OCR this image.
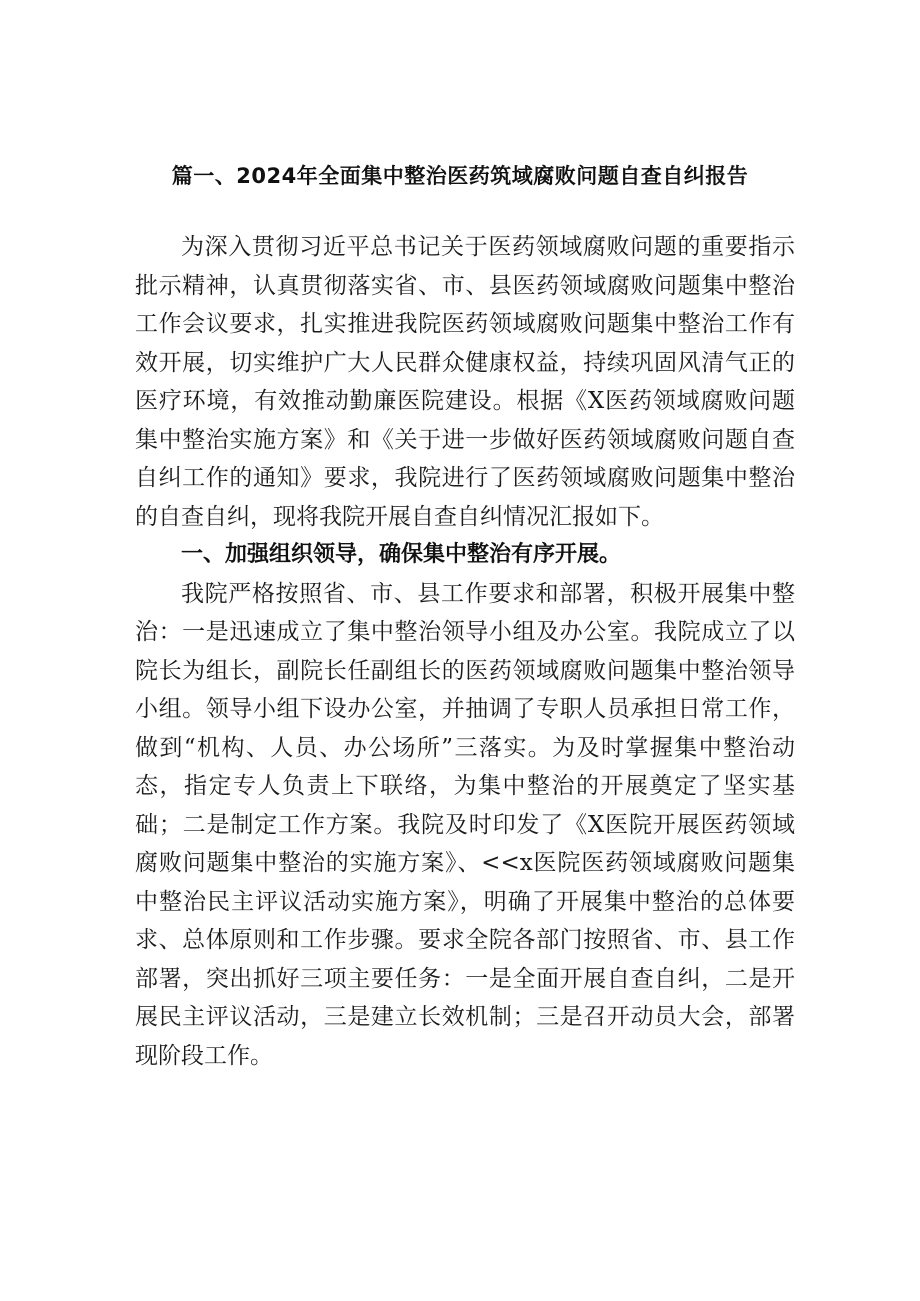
篇一、2024年全面集中整治医药筑域腐败问题自查自纠报告

为深入贯彻习近平总书记关于医药领域腐败问题的重要指示批示精神，认真贯彻落实省、市、县医药领域腐败问题集中整治工作会议要求，扎实推进我院医药领域腐败问题集中整治工作有效开展，切实维护广大人民群众健康权益，持续巩固风清气正的医疗环境，有效推动勤廉医院建设。根据《X医药领域腐败问题集中整治实施方案》和《关于进一步做好医药领域腐败问题自查自纠工作的通知》要求，我院进行了医药领域腐败问题集中整治的自查自纠，现将我院开展自查自纠情况汇报如下。

一、加强组织领导，确保集中整治有序开展。

我院严格按照省、市、县工作要求和部署，积极开展集中整治：一是迅速成立了集中整治领导小组及办公室。我院成立了以院长为组长，副院长任副组长的医药领域腐败问题集中整治领导小组。领导小组下设办公室，并抽调了专职人员承担日常工作，做到“机构、人员、办公场所”三落实。为及时掌握集中整治动态，指定专人负责上下联络，为集中整治的开展奠定了坚实基础；二是制定工作方案。我院及时印发了《X医院开展医药领域腐败问题集中整治的实施方案》、<<x医院医药领域腐败问题集中整治民主评议活动实施方案》，明确了开展集中整治的总体要求、总体原则和工作步骤。要求全院各部门按照省、市、县工作部署，突出抓好三项主要任务：一是全面开展自查自纠，二是开展民主评议活动，三是建立长效机制；三是召开动员大会，部署现阶段工作。
